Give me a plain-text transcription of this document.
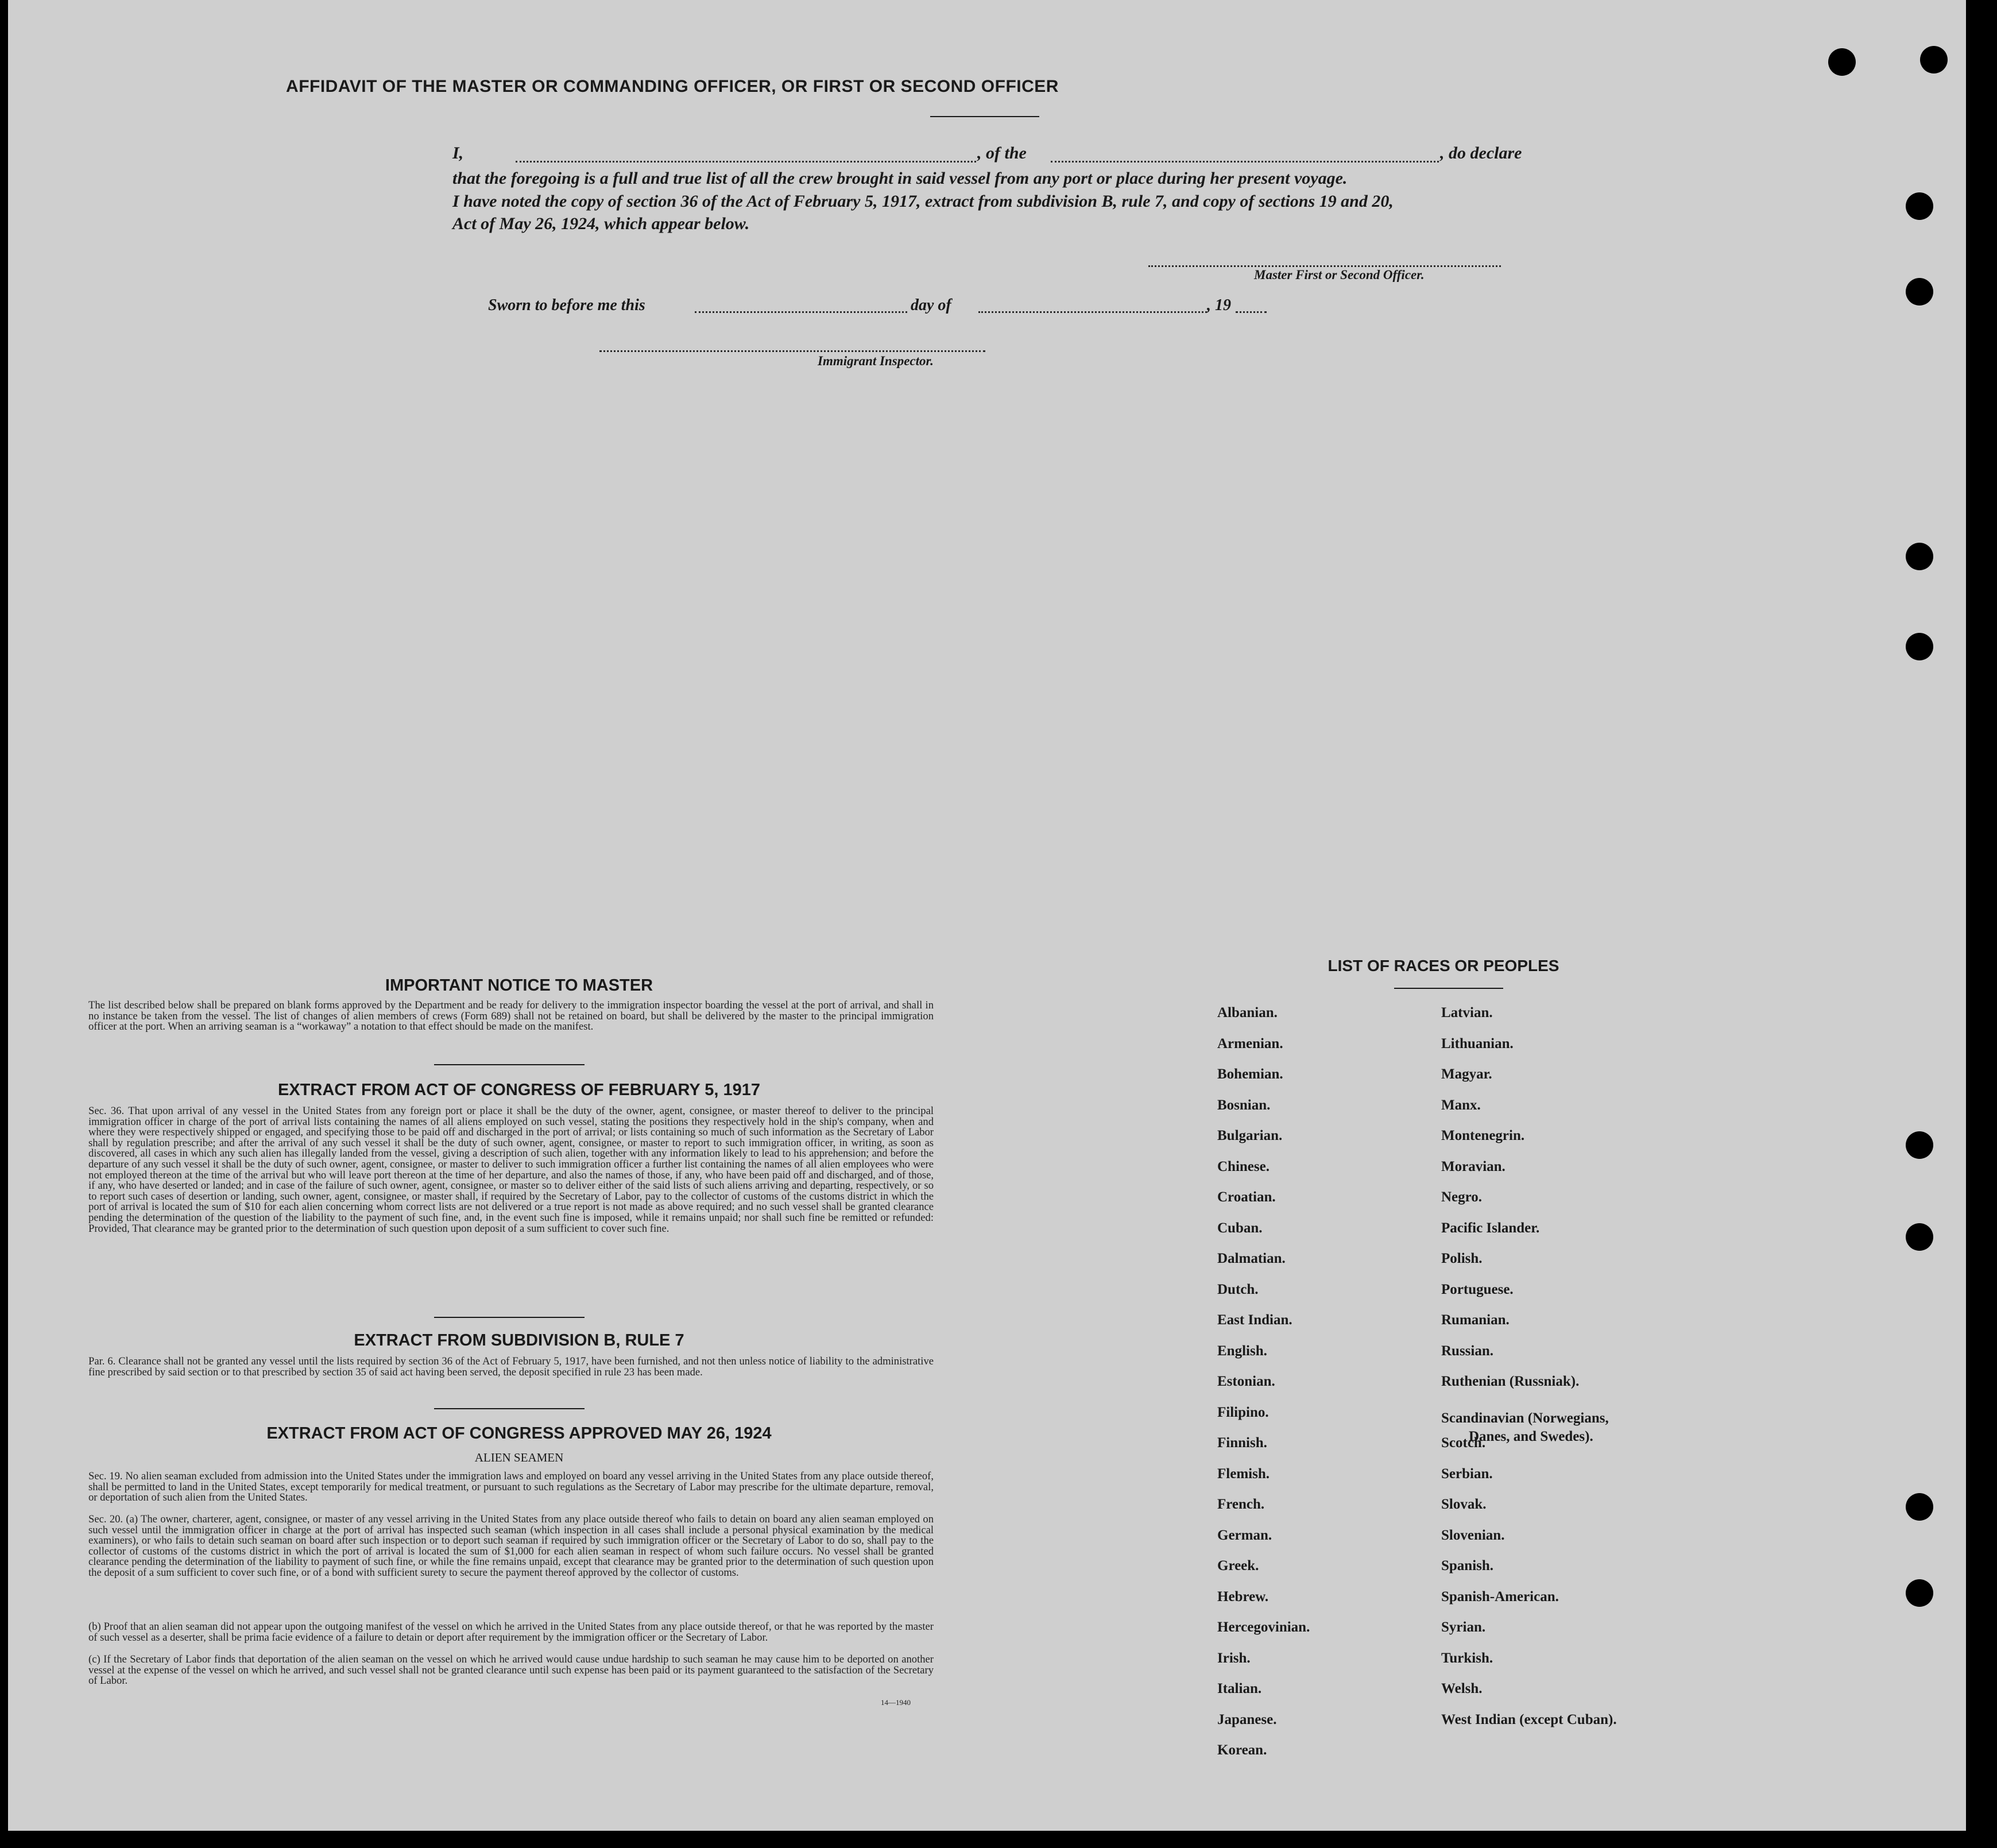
AFFIDAVIT OF THE MASTER OR COMMANDING OFFICER, OR FIRST OR SECOND OFFICER
I,	, of the	, do declare
that the foregoing is a full and true list of all the crew brought in said vessel from any port or place during her present voyage.
I have noted the copy of section 36 of the Act of February 5, 1917, extract from subdivision B, rule 7, and copy of sections 19 and 20,
Act of May 26, 1924, which appear below.
Master First or Second Officer.
Sworn to before me this	day of	, 19
Immigrant Inspector.
IMPORTANT NOTICE TO MASTER
The list described below shall be prepared on blank forms approved by the Department and be ready for delivery to the immigration inspector boarding the vessel at the port of arrival, and shall in no instance be taken from the vessel. The list of changes of alien members of crews (Form 689) shall not be retained on board, but shall be delivered by the master to the principal immigration officer at the port. When an arriving seaman is a “workaway” a notation to that effect should be made on the manifest.
EXTRACT FROM ACT OF CONGRESS OF FEBRUARY 5, 1917
Sec. 36. That upon arrival of any vessel in the United States from any foreign port or place it shall be the duty of the owner, agent, consignee, or master thereof to deliver to the principal immigration officer in charge of the port of arrival lists containing the names of all aliens employed on such vessel, stating the positions they respectively hold in the ship's company, when and where they were respectively shipped or engaged, and specifying those to be paid off and discharged in the port of arrival; or lists containing so much of such information as the Secretary of Labor shall by regulation prescribe; and after the arrival of any such vessel it shall be the duty of such owner, agent, consignee, or master to report to such immigration officer, in writing, as soon as discovered, all cases in which any such alien has illegally landed from the vessel, giving a description of such alien, together with any information likely to lead to his apprehension; and before the departure of any such vessel it shall be the duty of such owner, agent, consignee, or master to deliver to such immigration officer a further list containing the names of all alien employees who were not employed thereon at the time of the arrival but who will leave port thereon at the time of her departure, and also the names of those, if any, who have been paid off and discharged, and of those, if any, who have deserted or landed; and in case of the failure of such owner, agent, consignee, or master so to deliver either of the said lists of such aliens arriving and departing, respectively, or so to report such cases of desertion or landing, such owner, agent, consignee, or master shall, if required by the Secretary of Labor, pay to the collector of customs of the customs district in which the port of arrival is located the sum of $10 for each alien concerning whom correct lists are not delivered or a true report is not made as above required; and no such vessel shall be granted clearance pending the determination of the question of the liability to the payment of such fine, and, in the event such fine is imposed, while it remains unpaid; nor shall such fine be remitted or refunded: Provided, That clearance may be granted prior to the determination of such question upon deposit of a sum sufficient to cover such fine.
EXTRACT FROM SUBDIVISION B, RULE 7
Par. 6. Clearance shall not be granted any vessel until the lists required by section 36 of the Act of February 5, 1917, have been furnished, and not then unless notice of liability to the administrative fine prescribed by said section or to that prescribed by section 35 of said act having been served, the deposit specified in rule 23 has been made.
EXTRACT FROM ACT OF CONGRESS APPROVED MAY 26, 1924
ALIEN SEAMEN
Sec. 19. No alien seaman excluded from admission into the United States under the immigration laws and employed on board any vessel arriving in the United States from any place outside thereof, shall be permitted to land in the United States, except temporarily for medical treatment, or pursuant to such regulations as the Secretary of Labor may prescribe for the ultimate departure, removal, or deportation of such alien from the United States.
Sec. 20. (a) The owner, charterer, agent, consignee, or master of any vessel arriving in the United States from any place outside thereof who fails to detain on board any alien seaman employed on such vessel until the immigration officer in charge at the port of arrival has inspected such seaman (which inspection in all cases shall include a personal physical examination by the medical examiners), or who fails to detain such seaman on board after such inspection or to deport such seaman if required by such immigration officer or the Secretary of Labor to do so, shall pay to the collector of customs of the customs district in which the port of arrival is located the sum of $1,000 for each alien seaman in respect of whom such failure occurs. No vessel shall be granted clearance pending the determination of the liability to payment of such fine, or while the fine remains unpaid, except that clearance may be granted prior to the determination of such question upon the deposit of a sum sufficient to cover such fine, or of a bond with sufficient surety to secure the payment thereof approved by the collector of customs.
(b) Proof that an alien seaman did not appear upon the outgoing manifest of the vessel on which he arrived in the United States from any place outside thereof, or that he was reported by the master of such vessel as a deserter, shall be prima facie evidence of a failure to detain or deport after requirement by the immigration officer or the Secretary of Labor.
(c) If the Secretary of Labor finds that deportation of the alien seaman on the vessel on which he arrived would cause undue hardship to such seaman he may cause him to be deported on another vessel at the expense of the vessel on which he arrived, and such vessel shall not be granted clearance until such expense has been paid or its payment guaranteed to the satisfaction of the Secretary of Labor.
14—1940
LIST OF RACES OR PEOPLES
Albanian.
Armenian.
Bohemian.
Bosnian.
Bulgarian.
Chinese.
Croatian.
Cuban.
Dalmatian.
Dutch.
East Indian.
English.
Estonian.
Filipino.
Finnish.
Flemish.
French.
German.
Greek.
Hebrew.
Hercegovinian.
Irish.
Italian.
Japanese.
Korean.
Latvian.
Lithuanian.
Magyar.
Manx.
Montenegrin.
Moravian.
Negro.
Pacific Islander.
Polish.
Portuguese.
Rumanian.
Russian.
Ruthenian (Russniak).
Scandinavian (Norwegians,
Danes, and Swedes).
Scotch.
Serbian.
Slovak.
Slovenian.
Spanish.
Spanish-American.
Syrian.
Turkish.
Welsh.
West Indian (except Cuban).
